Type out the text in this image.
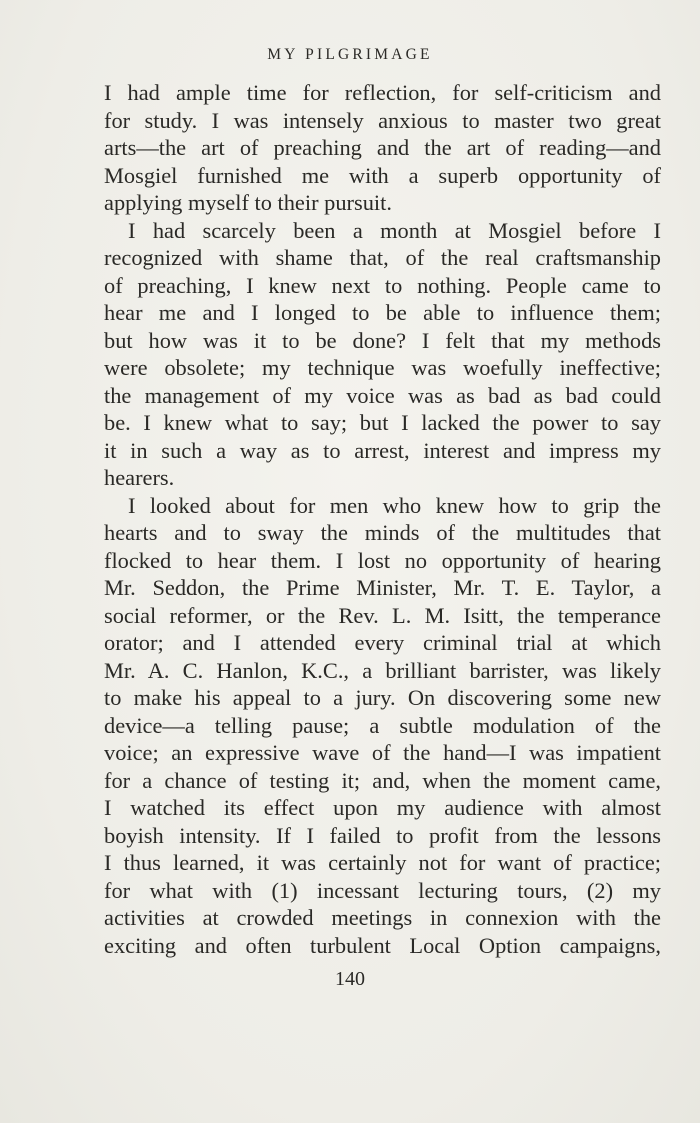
MY PILGRIMAGE
I had ample time for reflection, for self-criticism and
for study. I was intensely anxious to master two great
arts—the art of preaching and the art of reading—and
Mosgiel furnished me with a superb opportunity of
applying myself to their pursuit.
I had scarcely been a month at Mosgiel before I
recognized with shame that, of the real craftsmanship
of preaching, I knew next to nothing. People came to
hear me and I longed to be able to influence them;
but how was it to be done? I felt that my methods
were obsolete; my technique was woefully ineffective;
the management of my voice was as bad as bad could
be. I knew what to say; but I lacked the power to say
it in such a way as to arrest, interest and impress my
hearers.
I looked about for men who knew how to grip the
hearts and to sway the minds of the multitudes that
flocked to hear them. I lost no opportunity of hearing
Mr. Seddon, the Prime Minister, Mr. T. E. Taylor, a
social reformer, or the Rev. L. M. Isitt, the temperance
orator; and I attended every criminal trial at which
Mr. A. C. Hanlon, K.C., a brilliant barrister, was likely
to make his appeal to a jury. On discovering some new
device—a telling pause; a subtle modulation of the
voice; an expressive wave of the hand—I was impatient
for a chance of testing it; and, when the moment came,
I watched its effect upon my audience with almost
boyish intensity. If I failed to profit from the lessons
I thus learned, it was certainly not for want of practice;
for what with (1) incessant lecturing tours, (2) my
activities at crowded meetings in connexion with the
exciting and often turbulent Local Option campaigns,
140
